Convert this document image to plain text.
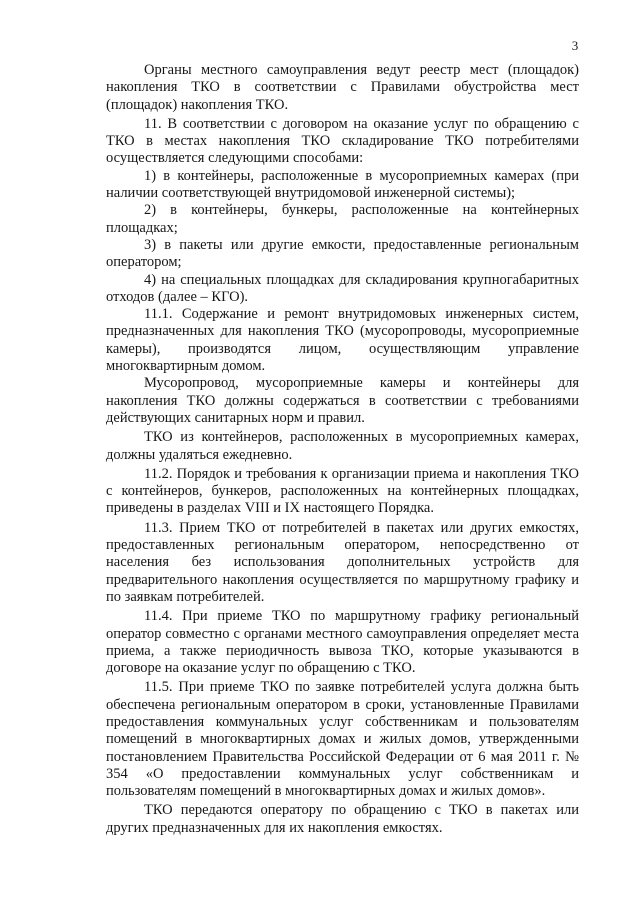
3

Органы местного самоуправления ведут реестр мест (площадок) накопления ТКО в соответствии с Правилами обустройства мест (площадок) накопления ТКО.

11. В соответствии с договором на оказание услуг по обращению с ТКО в местах накопления ТКО складирование ТКО потребителями осуществляется следующими способами:

1) в контейнеры, расположенные в мусороприемных камерах (при наличии соответствующей внутридомовой инженерной системы);

2) в контейнеры, бункеры, расположенные на контейнерных площадках;

3) в пакеты или другие емкости, предоставленные региональным оператором;

4) на специальных площадках для складирования крупногабаритных отходов (далее – КГО).

11.1. Содержание и ремонт внутридомовых инженерных систем, предназначенных для накопления ТКО (мусоропроводы, мусороприемные камеры), производятся лицом, осуществляющим управление многоквартирным домом.

Мусоропровод, мусороприемные камеры и контейнеры для накопления ТКО должны содержаться в соответствии с требованиями действующих санитарных норм и правил.

ТКО из контейнеров, расположенных в мусороприемных камерах, должны удаляться ежедневно.

11.2. Порядок и требования к организации приема и накопления ТКО с контейнеров, бункеров, расположенных на контейнерных площадках, приведены в разделах VIII и IX настоящего Порядка.

11.3. Прием ТКО от потребителей в пакетах или других емкостях, предоставленных региональным оператором, непосредственно от населения без использования дополнительных устройств для предварительного накопления осуществляется по маршрутному графику и по заявкам потребителей.

11.4. При приеме ТКО по маршрутному графику региональный оператор совместно с органами местного самоуправления определяет места приема, а также периодичность вывоза ТКО, которые указываются в договоре на оказание услуг по обращению с ТКО.

11.5. При приеме ТКО по заявке потребителей услуга должна быть обеспечена региональным оператором в сроки, установленные Правилами предоставления коммунальных услуг собственникам и пользователям помещений в многоквартирных домах и жилых домов, утвержденными постановлением Правительства Российской Федерации от 6 мая 2011 г. № 354 «О предоставлении коммунальных услуг собственникам и пользователям помещений в многоквартирных домах и жилых домов».

ТКО передаются оператору по обращению с ТКО в пакетах или других предназначенных для их накопления емкостях.
